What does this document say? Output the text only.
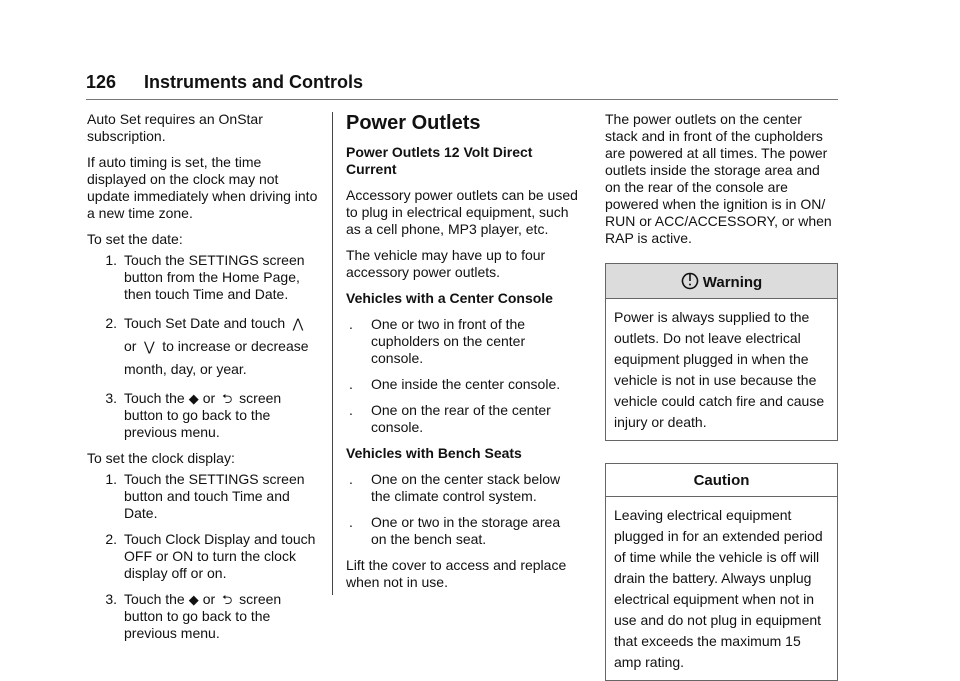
126 Instruments and Controls

Auto Set requires an OnStar subscription.

If auto timing is set, the time displayed on the clock may not update immediately when driving into a new time zone.

To set the date:

1. Touch the SETTINGS screen button from the Home Page, then touch Time and Date.
2. Touch Set Date and touch ⋀
or ⋁ to increase or decrease month, day, or year.
3. Touch the ◆ or ⮌ screen button to go back to the previous menu.

To set the clock display:

1. Touch the SETTINGS screen button and touch Time and Date.
2. Touch Clock Display and touch OFF or ON to turn the clock display off or on.
3. Touch the ◆ or ⮌ screen button to go back to the previous menu.
Power Outlets

Power Outlets 12 Volt Direct Current

Accessory power outlets can be used to plug in electrical equipment, such as a cell phone, MP3 player, etc.

The vehicle may have up to four accessory power outlets.

Vehicles with a Center Console

.	One or two in front of the cupholders on the center console.
.	One inside the center console.
.	One on the rear of the center console.

Vehicles with Bench Seats

.	One on the center stack below the climate control system.
.	One or two in the storage area on the bench seat.

Lift the cover to access and replace when not in use.

The power outlets on the center stack and in front of the cupholders are powered at all times. The power outlets inside the storage area and on the rear of the console are powered when the ignition is in ON/ RUN or ACC/ACCESSORY, or when RAP is active.

Warning
Power is always supplied to the outlets. Do not leave electrical equipment plugged in when the vehicle is not in use because the vehicle could catch fire and cause injury or death.
Caution
Leaving electrical equipment plugged in for an extended period of time while the vehicle is off will drain the battery. Always unplug electrical equipment when not in use and do not plug in equipment that exceeds the maximum 15 amp rating.
